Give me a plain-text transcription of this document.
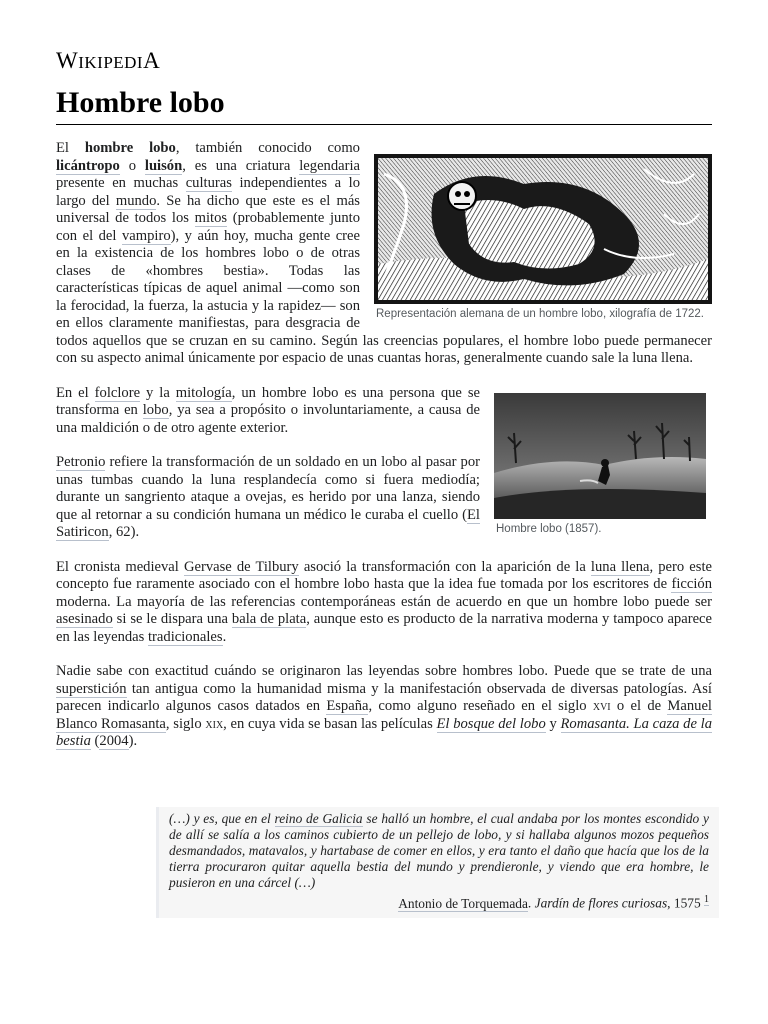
WIKIPEDIA
Hombre lobo
Representación alemana de un hombre lobo, xilografía de 1722.

El hombre lobo, también conocido como licántropo o luisón, es una criatura legendaria presente en muchas culturas independientes a lo largo del mundo. Se ha dicho que este es el más universal de todos los mitos (probablemente junto con el del vampiro), y aún hoy, mucha gente cree en la existencia de los hombres lobo o de otras clases de «hombres bestia». Todas las características típicas de aquel animal —como son la ferocidad, la fuerza, la astucia y la rapidez— son en ellos claramente manifiestas, para desgracia de todos aquellos que se cruzan en su camino. Según las creencias populares, el hombre lobo puede permanecer con su aspecto animal únicamente por espacio de unas cuantas horas, generalmente cuando sale la luna llena.

Hombre lobo (1857).

En el folclore y la mitología, un hombre lobo es una persona que se transforma en lobo, ya sea a propósito o involuntariamente, a causa de una maldición o de otro agente exterior.

Petronio refiere la transformación de un soldado en un lobo al pasar por unas tumbas cuando la luna resplandecía como si fuera mediodía; durante un sangriento ataque a ovejas, es herido por una lanza, siendo que al retornar a su condición humana un médico le curaba el cuello (El Satiricon, 62).

El cronista medieval Gervase de Tilbury asoció la transformación con la aparición de la luna llena, pero este concepto fue raramente asociado con el hombre lobo hasta que la idea fue tomada por los escritores de ficción moderna. La mayoría de las referencias contemporáneas están de acuerdo en que un hombre lobo puede ser asesinado si se le dispara una bala de plata, aunque esto es producto de la narrativa moderna y tampoco aparece en las leyendas tradicionales.

Nadie sabe con exactitud cuándo se originaron las leyendas sobre hombres lobo. Puede que se trate de una superstición tan antigua como la humanidad misma y la manifestación observada de diversas patologías. Así parecen indicarlo algunos casos datados en España, como alguno reseñado en el siglo xvi o el de Manuel Blanco Romasanta, siglo xix, en cuya vida se basan las películas El bosque del lobo y Romasanta. La caza de la bestia (2004).

(…) y es, que en el reino de Galicia se halló un hombre, el cual andaba por los montes escondido y de allí se salía a los caminos cubierto de un pellejo de lobo, y si hallaba algunos mozos pequeños desmandados, matavalos, y hartabase de comer en ellos, y era tanto el daño que hacía que los de la tierra procuraron quitar aquella bestia del mundo y prendieronle, y viendo que era hombre, le pusieron en una cárcel (…)
Antonio de Torquemada. Jardín de flores curiosas, 1575 $^1$
